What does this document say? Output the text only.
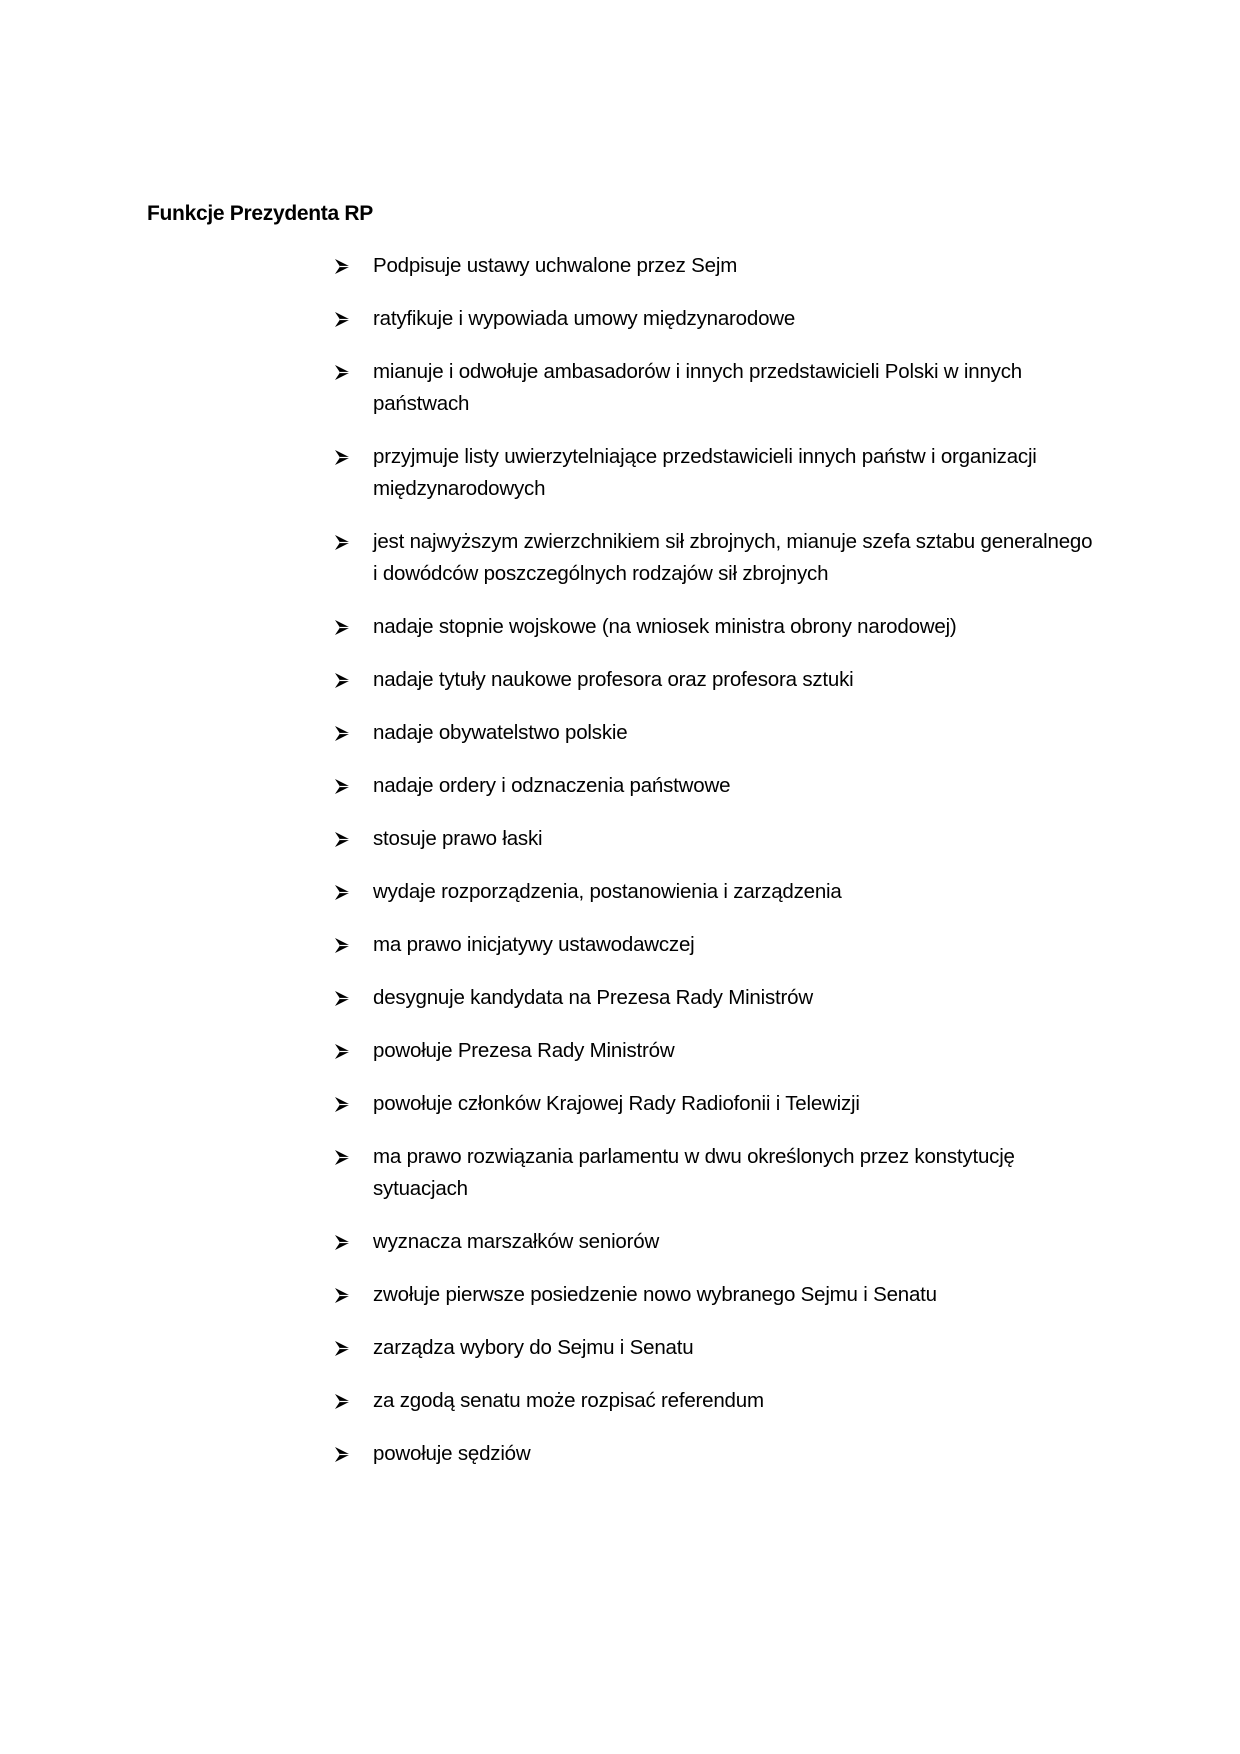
Funkcje Prezydenta RP
Podpisuje ustawy uchwalone przez Sejm
ratyfikuje i wypowiada umowy międzynarodowe
mianuje i odwołuje ambasadorów i innych przedstawicieli Polski w innych państwach
przyjmuje listy uwierzytelniające przedstawicieli innych państw i organizacji międzynarodowych
jest najwyższym zwierzchnikiem sił zbrojnych, mianuje szefa sztabu generalnego i dowódców poszczególnych rodzajów sił zbrojnych
nadaje stopnie wojskowe (na wniosek ministra obrony narodowej)
nadaje tytuły naukowe profesora oraz profesora sztuki
nadaje obywatelstwo polskie
nadaje ordery i odznaczenia państwowe
stosuje prawo łaski
wydaje rozporządzenia, postanowienia i zarządzenia
ma prawo inicjatywy ustawodawczej
desygnuje kandydata na Prezesa Rady Ministrów
powołuje Prezesa Rady Ministrów
powołuje członków Krajowej Rady Radiofonii i Telewizji
ma prawo rozwiązania parlamentu w dwu określonych przez konstytucję sytuacjach
wyznacza marszałków seniorów
zwołuje pierwsze posiedzenie nowo wybranego Sejmu i Senatu
zarządza wybory do Sejmu i Senatu
za zgodą senatu może rozpisać referendum
powołuje sędziów
